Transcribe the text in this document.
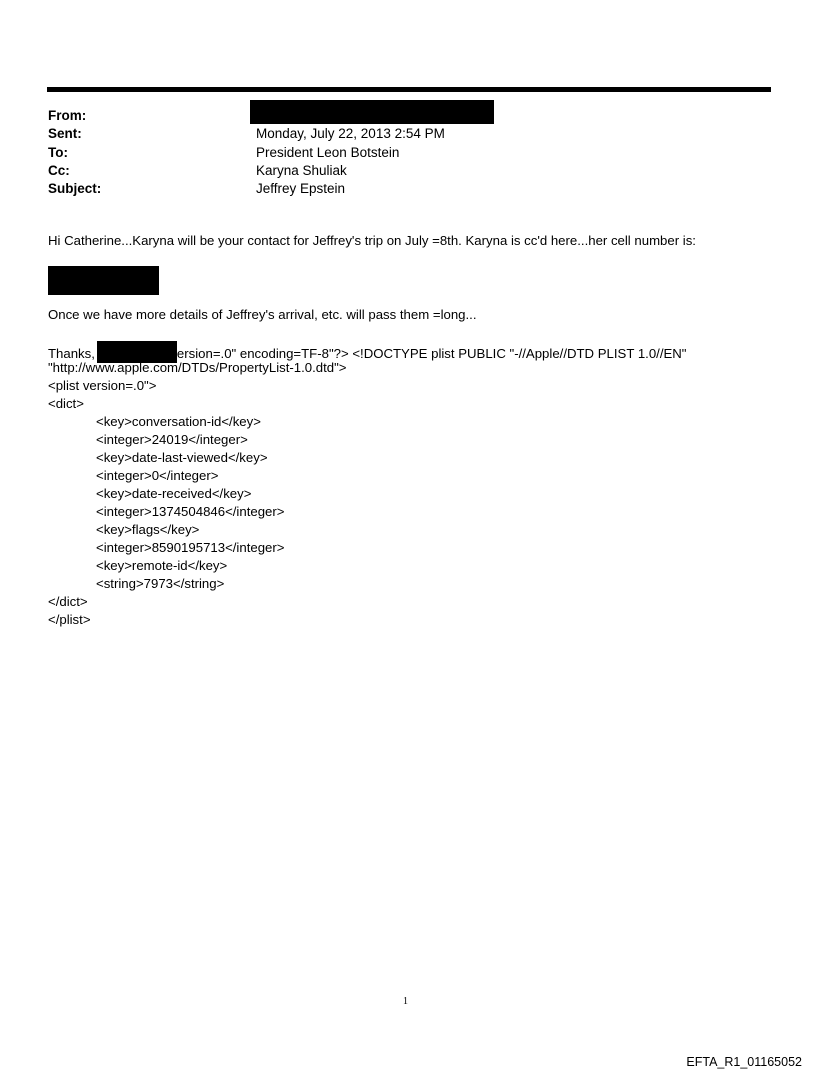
From:
Sent:	Monday, July 22, 2013 2:54 PM
To:	President Leon Botstein
Cc:	Karyna Shuliak
Subject:	Jeffrey Epstein
Hi Catherine...Karyna will be your contact for Jeffrey's trip on July =8th. Karyna is cc'd here...her cell number is:
Once we have more details of Jeffrey's arrival, etc. will pass them =long...
Thanks,	ersion=.0" encoding=TF-8"?> <!DOCTYPE plist PUBLIC "-//Apple//DTD PLIST 1.0//EN"
"http://www.apple.com/DTDs/PropertyList-1.0.dtd">
<plist version=.0">
<dict>
<key>conversation-id</key>
<integer>24019</integer>
<key>date-last-viewed</key>
<integer>0</integer>
<key>date-received</key>
<integer>1374504846</integer>
<key>flags</key>
<integer>8590195713</integer>
<key>remote-id</key>
<string>7973</string>
</dict>
</plist>
1
EFTA_R1_01165052
